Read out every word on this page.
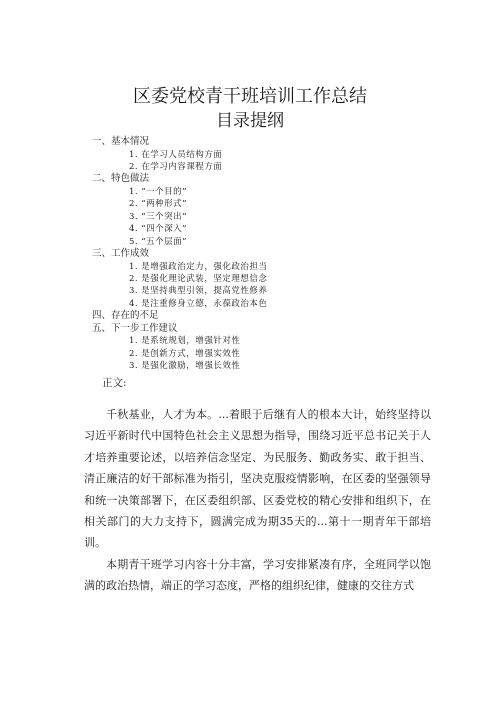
区委党校青干班培训工作总结
目录提纲
一、基本情况
1. 在学习人员结构方面
2. 在学习内容课程方面
二、特色做法
1. “一个目的”
2. “两种形式”
3. “三个突出”
4. “四个深入”
5. “五个层面”
三、工作成效
1. 是增强政治定力，强化政治担当
2. 是强化理论武装，坚定理想信念
3. 是坚持典型引领，提高党性修养
4. 是注重修身立德，永葆政治本色
四、存在的不足
五、下一步工作建议
1. 是系统规划，增强针对性
2. 是创新方式，增强实效性
3. 是强化激励，增强长效性
正文:

千秋基业，人才为本。...着眼于后继有人的根本大计，始终坚持以习近平新时代中国特色社会主义思想为指导，围绕习近平总书记关于人才培养重要论述，以培养信念坚定、为民服务、勤政务实、敢于担当、清正廉洁的好干部标准为指引，坚决克服疫情影响，在区委的坚强领导和统一决策部署下，在区委组织部、区委党校的精心安排和组织下，在相关部门的大力支持下，圆满完成为期35天的...第十一期青年干部培训。

本期青干班学习内容十分丰富，学习安排紧凑有序，全班同学以饱满的政治热情，端正的学习态度，严格的组织纪律，健康的交往方式
